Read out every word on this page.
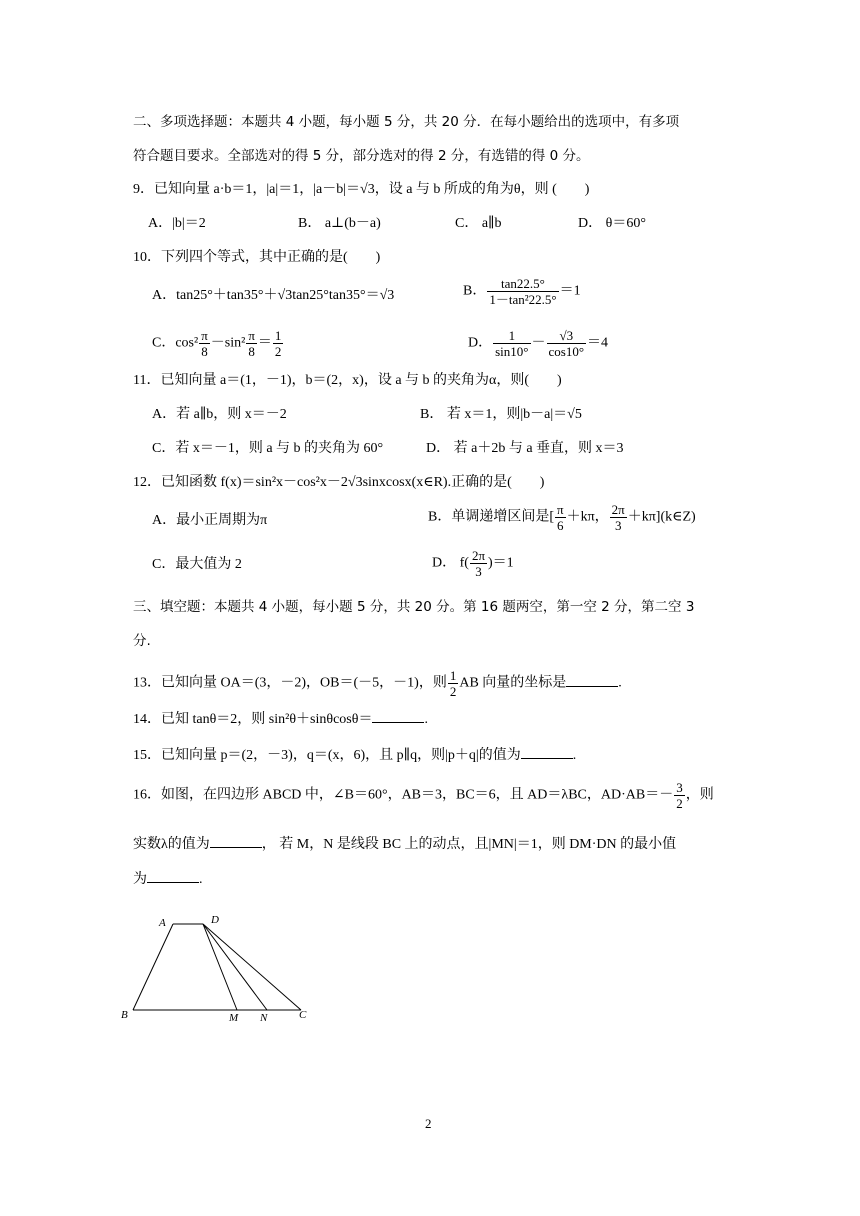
二、多项选择题：本题共 4 小题，每小题 5 分，共 20 分．在每小题给出的选项中，有多项
符合题目要求。全部选对的得 5 分，部分选对的得 2 分，有选错的得 0 分。
9．已知向量 a·b＝1，|a|＝1，|a－b|＝√3，设 a 与 b 所成的角为θ，则 (　　)
A．|b|＝2	B． a⊥(b－a)	C． a∥b	D． θ＝60°
10．下列四个等式，其中正确的是(　　)
A．tan25°＋tan35°＋√3tan25°tan35°＝√3	B． $\frac{\tan 22.5^\circ}{\text{1－tan²22.5°}} =1$
C．$\cos^2 \frac{\pi}{8} -\sin^2 \frac{\pi}{8} = \frac{1}{2}$	D． $\frac{1}{\sin 10^\circ} - \frac{√3}{\cos 10^\circ} =4$
11．已知向量 a＝(1，－1)，b＝(2，x)，设 a 与 b 的夹角为α，则(　　)
A．若 a∥b，则 x＝－2	B． 若 x＝1，则|b－a|＝√5
C．若 x＝－1，则 a 与 b 的夹角为 60°	D． 若 a＋2b 与 a 垂直，则 x＝3
12．已知函数 f(x)＝sin²x－cos²x－2√3sinxcosx(x∈R).正确的是(　　)
A．最小正周期为π	B．单调递增区间是[ $\frac{\pi}{6} +k\pi$， $\frac{2\pi}{3}$ ＋kπ](k∈Z)
C．最大值为 2	D． $f( \frac{2\pi}{3} )=1$
三、填空题：本题共 4 小题，每小题 5 分，共 20 分。第 16 题两空，第一空 2 分，第二空 3
分.
13．已知向量 OA＝(3，－2)，OB＝(－5，－1)，则 $\frac{1}{2}$ AB 向量的坐标是	.
14．已知 tanθ＝2，则 sin²θ＋sinθcosθ＝	.
15．已知向量 p＝(2，－3)，q＝(x，6)，且 p∥q，则|p＋q|的值为	.
16．如图，在四边形 ABCD 中，∠B＝60°，AB＝3，BC＝6，且 AD＝λBC，$AD\cdot AB=- \frac{3}{2}$ ，则
实数λ的值为	， 若 M，N 是线段 BC 上的动点，且|MN|＝1，则 DM·DN 的最小值
为	.
A	D
B	M N	C
2
